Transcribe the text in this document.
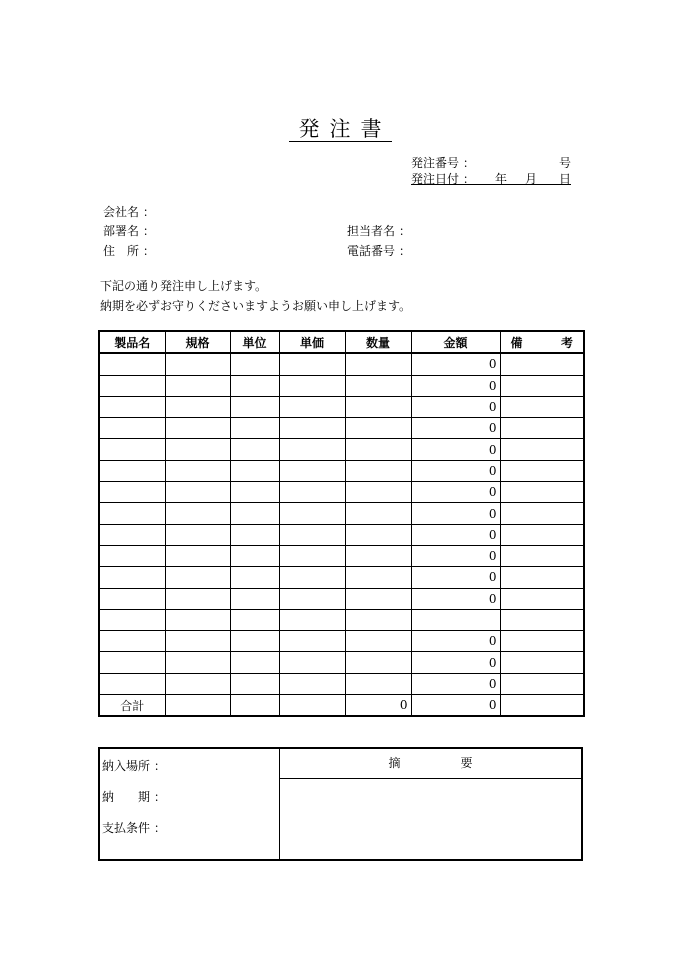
発注書
発注番号 ：	号
発注日付 ： 年 月 日
会社名 ：
部署名 ：
住 所 ：
担当者名 ：
電話番号 ：
下記の通り発注申し上げます。
納期を必ずお守りくださいますようお願い申し上げます。
製品名	規格	単位	単価	数量	金額	備 考

					0	
					0	
					0	
					0	
					0	
					0	
					0	
					0	
					0	
					0	
					0	
					0	

					0	
					0	
					0	
合計				0	0	
納入場所 ：
納 期 ：
支払条件 ：
摘要
